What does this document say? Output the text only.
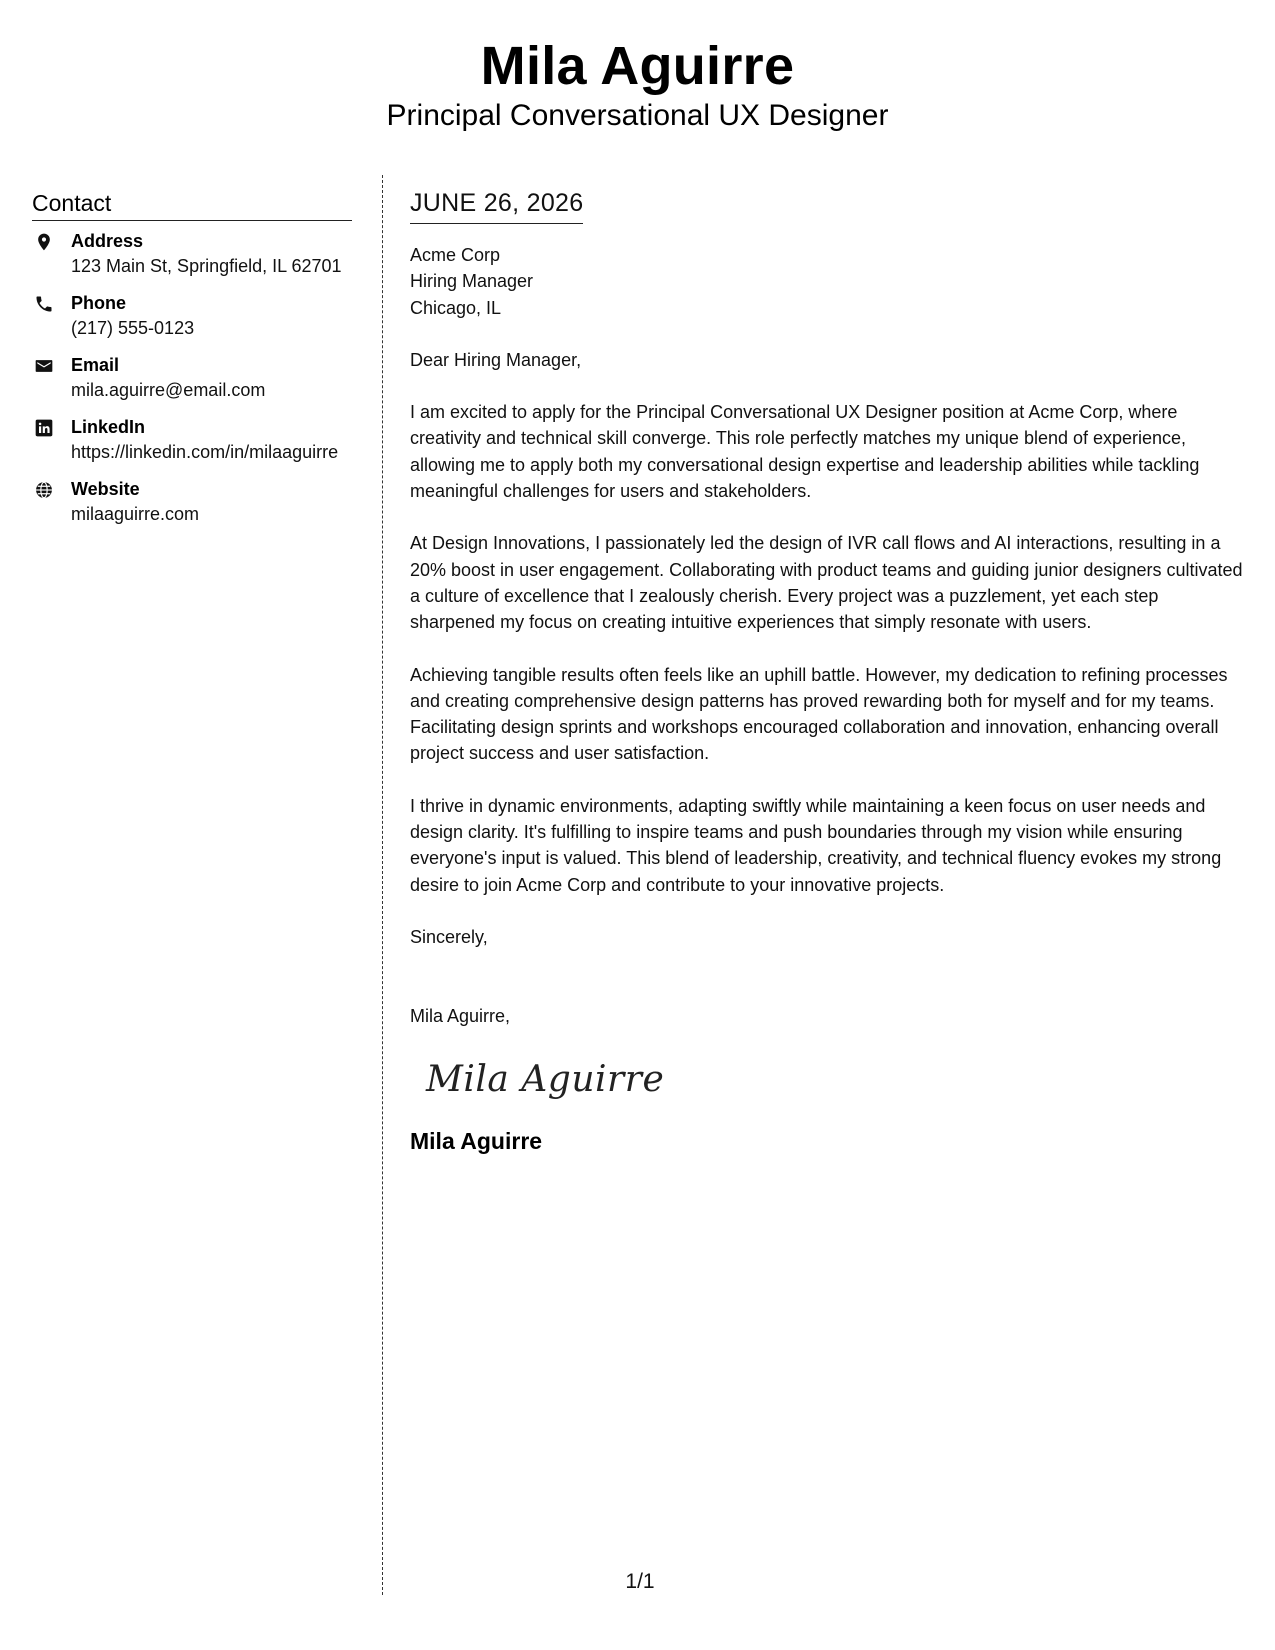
Mila Aguirre
Principal Conversational UX Designer
Contact
Address
123 Main St, Springfield, IL 62701
Phone
(217) 555-0123
Email
mila.aguirre@email.com
LinkedIn
https://linkedin.com/in/milaaguirre
Website
milaaguirre.com
JUNE 26, 2026
Acme Corp
Hiring Manager
Chicago, IL
Dear Hiring Manager,
I am excited to apply for the Principal Conversational UX Designer position at Acme Corp, where creativity and technical skill converge. This role perfectly matches my unique blend of experience, allowing me to apply both my conversational design expertise and leadership abilities while tackling meaningful challenges for users and stakeholders.
At Design Innovations, I passionately led the design of IVR call flows and AI interactions, resulting in a 20% boost in user engagement. Collaborating with product teams and guiding junior designers cultivated a culture of excellence that I zealously cherish. Every project was a puzzlement, yet each step sharpened my focus on creating intuitive experiences that simply resonate with users.
Achieving tangible results often feels like an uphill battle. However, my dedication to refining processes and creating comprehensive design patterns has proved rewarding both for myself and for my teams. Facilitating design sprints and workshops encouraged collaboration and innovation, enhancing overall project success and user satisfaction.
I thrive in dynamic environments, adapting swiftly while maintaining a keen focus on user needs and design clarity. It's fulfilling to inspire teams and push boundaries through my vision while ensuring everyone's input is valued. This blend of leadership, creativity, and technical fluency evokes my strong desire to join Acme Corp and contribute to your innovative projects.
Sincerely,
Mila Aguirre,
Mila Aguirre
Mila Aguirre
1/1
